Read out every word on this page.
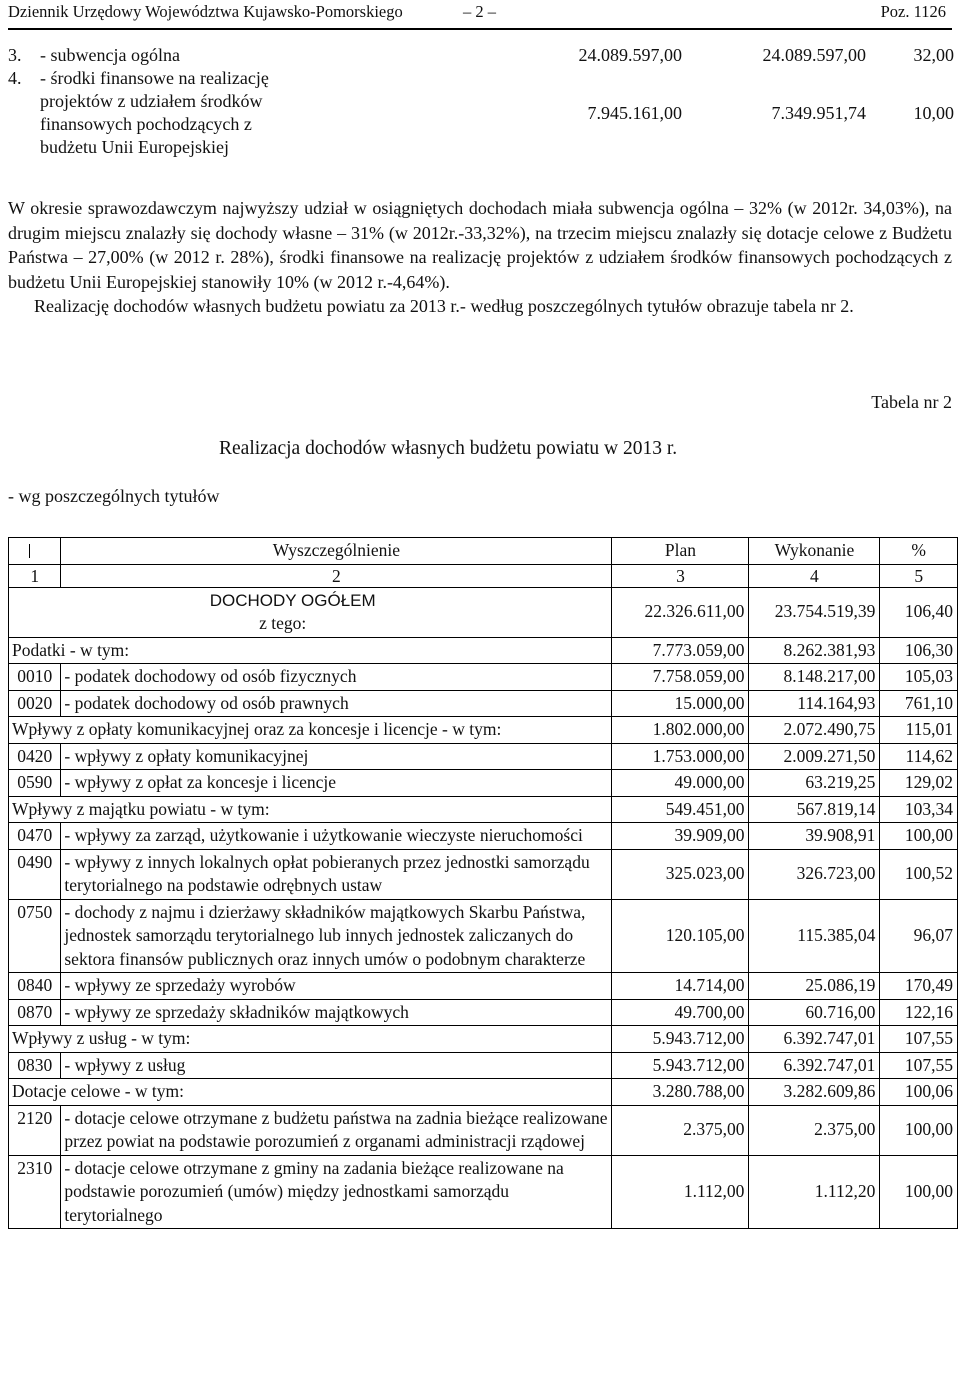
Dziennik Urzędowy Województwa Kujawsko-Pomorskiego	– 2 –	Poz. 1126
3.	- subwencja ogólna	24.089.597,00	24.089.597,00	32,00
4.	- środki finansowe na realizację
projektów z udziałem środków
finansowych pochodzących z
budżetu Unii Europejskiej	7.945.161,00	7.349.951,74	10,00

W okresie sprawozdawczym najwyższy udział w osiągniętych dochodach miała subwencja ogólna – 32% (w 2012r. 34,03%), na drugim miejscu znalazły się dochody własne – 31% (w 2012r.-33,32%), na trzecim miejscu znalazły się dotacje celowe z Budżetu Państwa – 27,00% (w 2012 r. 28%), środki finansowe na realizację projektów z udziałem środków finansowych pochodzących z budżetu Unii Europejskiej stanowiły 10% (w 2012 r.-4,64%).

Realizację dochodów własnych budżetu powiatu za 2013 r.- według poszczególnych tytułów obrazuje tabela nr 2.

Tabela nr 2
Realizacja dochodów własnych budżetu powiatu w 2013 r.
- wg poszczególnych tytułów
	Wyszczególnienie	Plan	Wykonanie	%
1	2	3	4	5

DOCHODY OGÓŁEM
z tego:		22.326.611,00	23.754.519,39	106,40
Podatki - w tym:		7.773.059,00	8.262.381,93	106,30
0010	- podatek dochodowy od osób fizycznych	7.758.059,00	8.148.217,00	105,03
0020	- podatek dochodowy od osób prawnych	15.000,00	114.164,93	761,10
Wpływy z opłaty komunikacyjnej oraz za koncesje i licencje - w tym:		1.802.000,00	2.072.490,75	115,01
0420	- wpływy z opłaty komunikacyjnej	1.753.000,00	2.009.271,50	114,62
0590	- wpływy z opłat za koncesje i licencje	49.000,00	63.219,25	129,02
Wpływy z majątku powiatu - w tym:		549.451,00	567.819,14	103,34
0470	- wpływy za zarząd, użytkowanie i użytkowanie wieczyste nieruchomości	39.909,00	39.908,91	100,00
0490	- wpływy z innych lokalnych opłat pobieranych przez jednostki samorządu terytorialnego na podstawie odrębnych ustaw	325.023,00	326.723,00	100,52
0750	- dochody z najmu i dzierżawy składników majątkowych Skarbu Państwa, jednostek samorządu terytorialnego lub innych jednostek zaliczanych do sektora finansów publicznych oraz innych umów o podobnym charakterze	120.105,00	115.385,04	96,07
0840	- wpływy ze sprzedaży wyrobów	14.714,00	25.086,19	170,49
0870	- wpływy ze sprzedaży składników majątkowych	49.700,00	60.716,00	122,16
Wpływy z usług - w tym:		5.943.712,00	6.392.747,01	107,55
0830	- wpływy z usług	5.943.712,00	6.392.747,01	107,55
Dotacje celowe - w tym:		3.280.788,00	3.282.609,86	100,06
2120	- dotacje celowe otrzymane z budżetu państwa na zadnia bieżące realizowane przez powiat na podstawie porozumień z organami administracji rządowej	2.375,00	2.375,00	100,00
2310	- dotacje celowe otrzymane z gminy na zadania bieżące realizowane na podstawie porozumień (umów) między jednostkami samorządu terytorialnego	1.112,00	1.112,20	100,00
